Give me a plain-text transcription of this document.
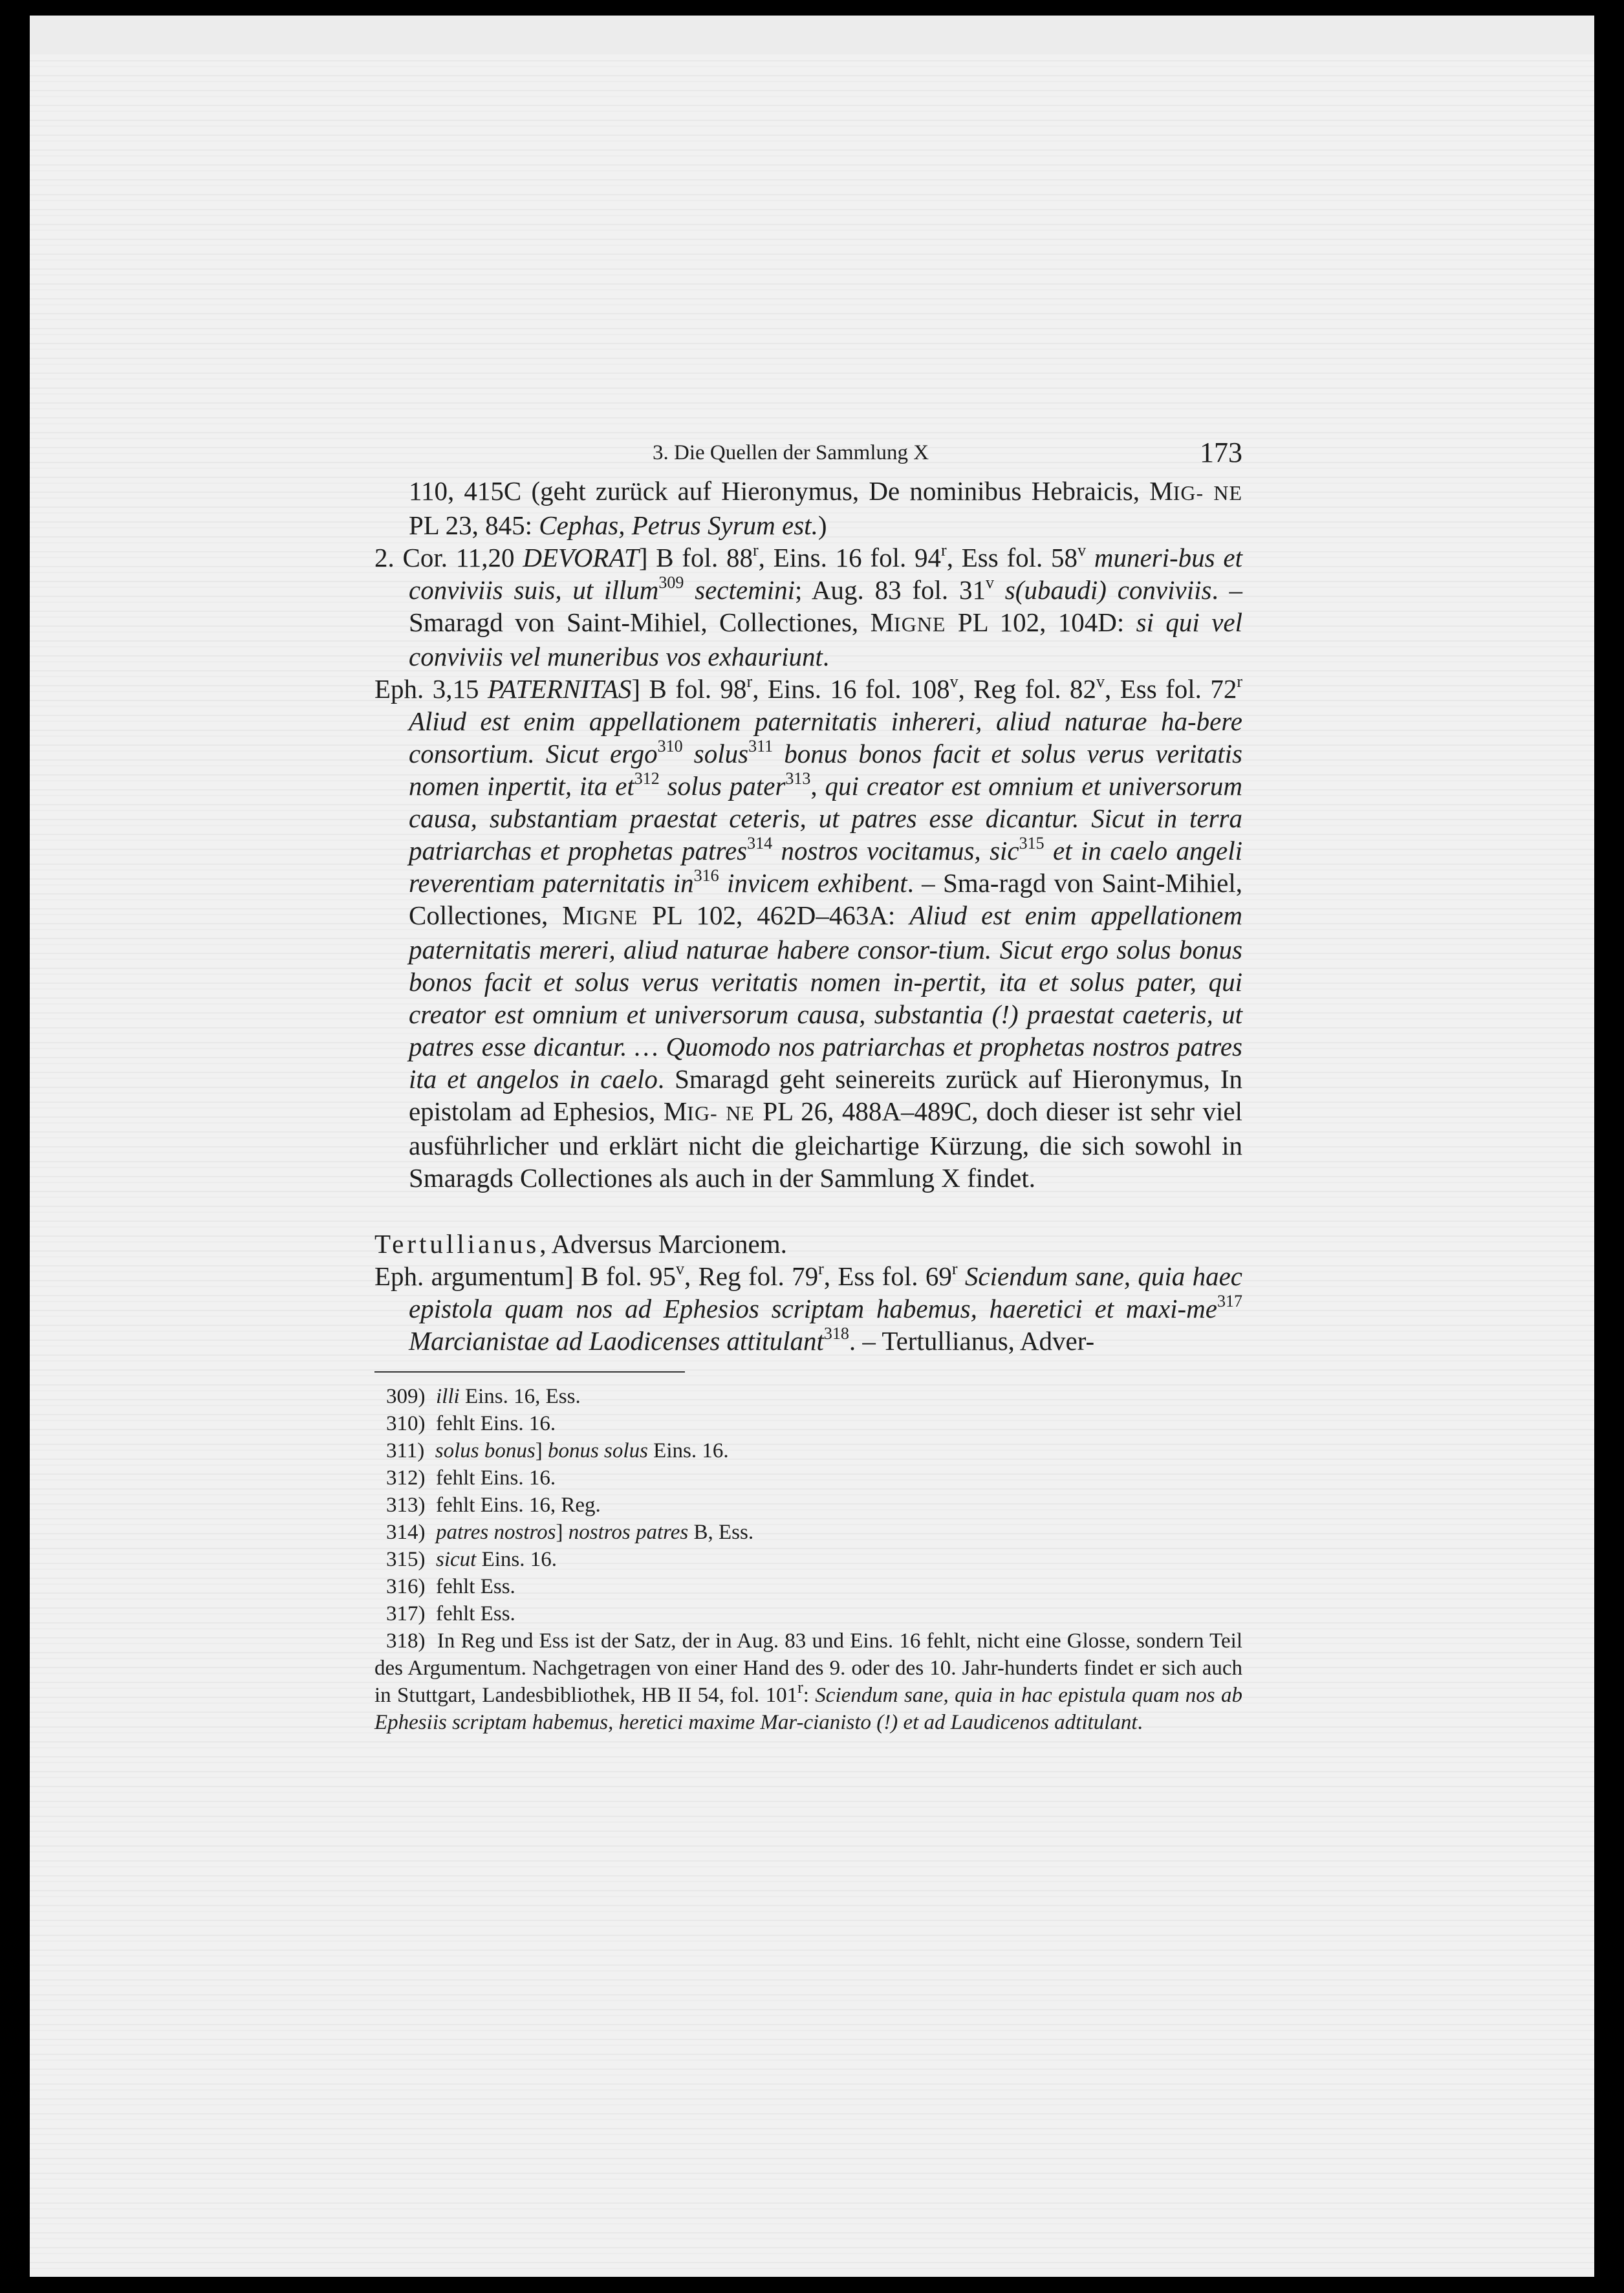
3. Die Quellen der Sammlung X	173

110, 415C (geht zurück auf Hieronymus, De nominibus Hebraicis, MIG- NE PL 23, 845: Cephas, Petrus Syrum est.)

2. Cor. 11,20 DEVORAT] B fol. 88$^r$, Eins. 16 fol. 94$^r$, Ess fol. 58$^v$ muneri-bus et conviviis suis, ut illum$^{309}$ sectemini; Aug. 83 fol. 31$^v$ s(ubaudi) conviviis. – Smaragd von Saint-Mihiel, Collectiones, MIGNE PL 102, 104D: si qui vel conviviis vel muneribus vos exhauriunt.

Eph. 3,15 PATERNITAS] B fol. 98$^r$, Eins. 16 fol. 108$^v$, Reg fol. 82$^v$, Ess fol. 72$^r$ Aliud est enim appellationem paternitatis inhereri, aliud naturae ha-bere consortium. Sicut ergo$^{310}$ solus$^{311}$ bonus bonos facit et solus verus veritatis nomen inpertit, ita $et^{312}$ solus pater$^{313}$, qui creator est omnium et universorum causa, substantiam praestat ceteris, ut patres esse dicantur. Sicut in terra patriarchas et prophetas patres$^{314}$ nostros vocitamus, sic$^{315}$ et in caelo angeli reverentiam paternitatis $in^{316}$ invicem exhibent. – Sma-ragd von Saint-Mihiel, Collectiones, MIGNE PL 102, 462D–463A: Aliud est enim appellationem paternitatis mereri, aliud naturae habere consor-tium. Sicut ergo solus bonus bonos facit et solus verus veritatis nomen in-pertit, ita et solus pater, qui creator est omnium et universorum causa, substantia (!) praestat caeteris, ut patres esse dicantur. … Quomodo nos patriarchas et prophetas nostros patres ita et angelos in caelo. Smaragd geht seinereits zurück auf Hieronymus, In epistolam ad Ephesios, MIG- NE PL 26, 488A–489C, doch dieser ist sehr viel ausführlicher und erklärt nicht die gleichartige Kürzung, die sich sowohl in Smaragds Collectiones als auch in der Sammlung X findet.

Tertullianus, Adversus Marcionem.

Eph. argumentum] B fol. 95$^v$, Reg fol. 79$^r$, Ess fol. 69$^r$ Sciendum sane, quia haec epistola quam nos ad Ephesios scriptam habemus, haeretici et maxi-$me^{317}$ Marcianistae ad Laodicenses attitulant$^{318}$. – Tertullianus, Adver-

309)  illi Eins. 16, Ess.

310)  fehlt Eins. 16.

311)  solus bonus] bonus solus Eins. 16.

312)  fehlt Eins. 16.

313)  fehlt Eins. 16, Reg.

314)  patres nostros] nostros patres B, Ess.

315)  sicut Eins. 16.

316)  fehlt Ess.

317)  fehlt Ess.

318)  In Reg und Ess ist der Satz, der in Aug. 83 und Eins. 16 fehlt, nicht eine Glosse, sondern Teil des Argumentum. Nachgetragen von einer Hand des 9. oder des 10. Jahr-hunderts findet er sich auch in Stuttgart, Landesbibliothek, HB II 54, fol. 101$^r$: Sciendum sane, quia in hac epistula quam nos ab Ephesiis scriptam habemus, heretici maxime Mar-cianisto (!) et ad Laudicenos adtitulant.
